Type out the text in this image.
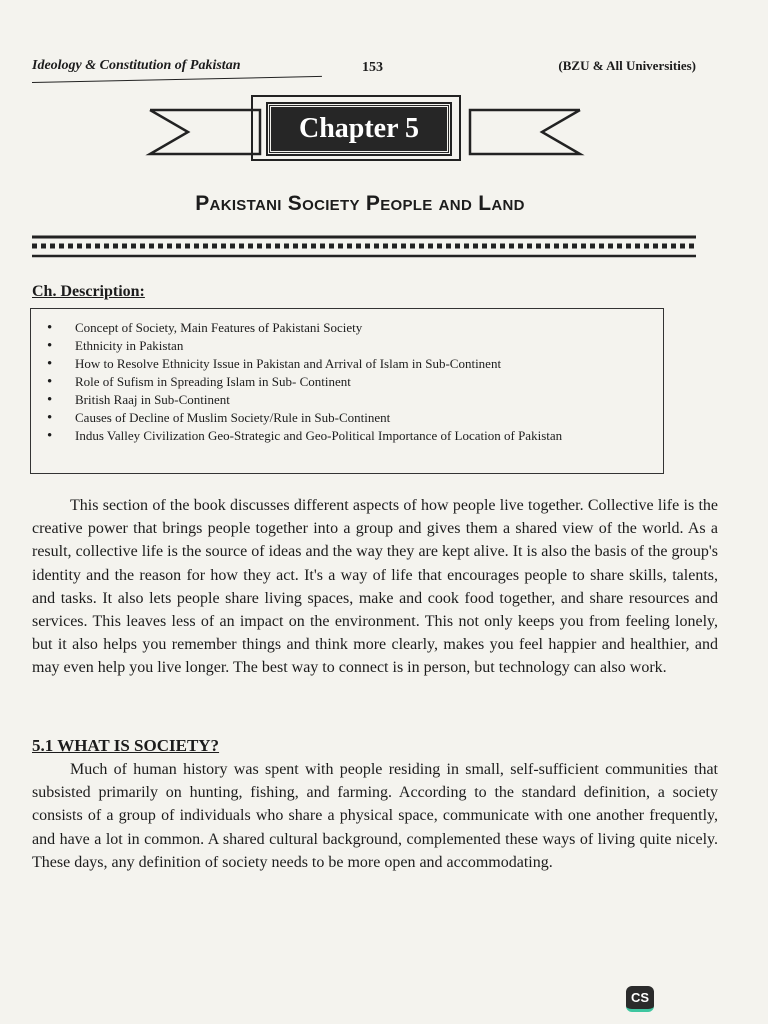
Ideology & Constitution of Pakistan	153	(BZU & All Universities)
Chapter 5
Pakistani Society People and Land
Ch. Description:
• Concept of Society, Main Features of Pakistani Society
• Ethnicity in Pakistan
• How to Resolve Ethnicity Issue in Pakistan and Arrival of Islam in Sub-Continent
• Role of Sufism in Spreading Islam in Sub- Continent
• British Raaj in Sub-Continent
• Causes of Decline of Muslim Society/Rule in Sub-Continent
• Indus Valley Civilization Geo-Strategic and Geo-Political Importance of Location of Pakistan

This section of the book discusses different aspects of how people live together. Collective life is the creative power that brings people together into a group and gives them a shared view of the world. As a result, collective life is the source of ideas and the way they are kept alive. It is also the basis of the group's identity and the reason for how they act. It's a way of life that encourages people to share skills, talents, and tasks. It also lets people share living spaces, make and cook food together, and share resources and services. This leaves less of an impact on the environment. This not only keeps you from feeling lonely, but it also helps you remember things and think more clearly, makes you feel happier and healthier, and may even help you live longer. The best way to connect is in person, but technology can also work.

5.1 WHAT IS SOCIETY?

Much of human history was spent with people residing in small, self-sufficient communities that subsisted primarily on hunting, fishing, and farming. According to the standard definition, a society consists of a group of individuals who share a physical space, communicate with one another frequently, and have a lot in common. A shared cultural background, complemented these ways of living quite nicely. These days, any definition of society needs to be more open and accommodating.

CS
